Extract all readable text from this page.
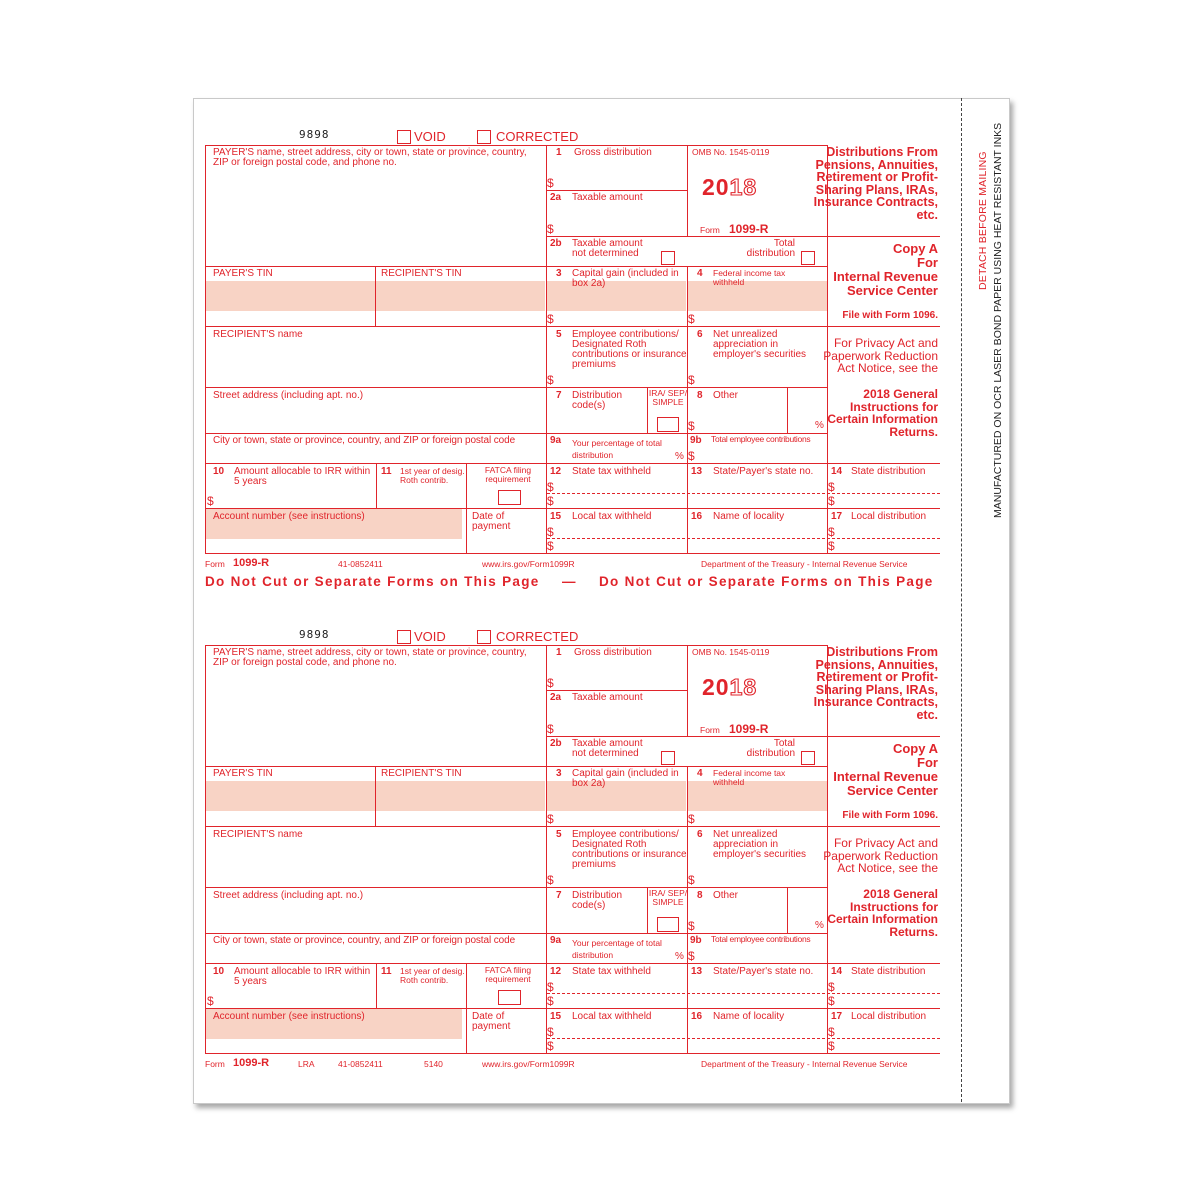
DETACH BEFORE MAILING MANUFACTURED ON OCR LASER BOND PAPER USING HEAT RESISTANT INKS
9898	VOID	CORRECTED
PAYER'S name, street address, city or town, state or province, country, ZIP or foreign postal code, and phone no.
PAYER'S TIN	RECIPIENT'S TIN
RECIPIENT'S name
Street address (including apt. no.)
City or town, state or province, country, and ZIP or foreign postal code
10 Amount allocable to IRR within 5 years
$
11 1st year of desig. Roth contrib.
FATCA filing requirement
Account number (see instructions)	Date of payment
1 Gross distribution
$
2a Taxable amount
$
2b	Taxable amount not determined
Total distribution
3	Capital gain (included in box 2a)
$
4	Federal income tax withheld
$
5	Employee contributions/ Designated Roth contributions or insurance premiums
$
6	Net unrealized appreciation in employer's securities
$
7	Distribution code(s)
IRA/ SEP/ SIMPLE
8	Other
$	%
9a	Your percentage of total distribution	%
9b	Total employee contributions
$
12 State tax withheld
$
$
13 State/Payer's state no. 14 State distribution
$
$
15 Local tax withheld
$
$
16 Name of locality	17 Local distribution
$
$
OMB No. 1545-0119
2018
Form 1099-R
Distributions From Pensions, Annuities, Retirement or Profit-Sharing Plans, IRAs, Insurance Contracts, etc.
Copy A
For
Internal Revenue Service Center
File with Form 1096.
For Privacy Act and Paperwork Reduction Act Notice, see the
2018 General Instructions for Certain Information Returns.
Form 1099-R	41-0852411	www.irs.gov/Form1099R	Department of the Treasury - Internal Revenue Service
9898	VOID	CORRECTED
PAYER'S name, street address, city or town, state or province, country, ZIP or foreign postal code, and phone no.
PAYER'S TIN	RECIPIENT'S TIN
RECIPIENT'S name
Street address (including apt. no.)
City or town, state or province, country, and ZIP or foreign postal code
10 Amount allocable to IRR within 5 years
$
11 1st year of desig. Roth contrib.
FATCA filing requirement
Account number (see instructions)	Date of payment
1 Gross distribution
$
2a Taxable amount
$
2b	Taxable amount not determined
Total distribution
3	Capital gain (included in box 2a)
$
4	Federal income tax withheld
$
5	Employee contributions/ Designated Roth contributions or insurance premiums
$
6	Net unrealized appreciation in employer's securities
$
7	Distribution code(s)
IRA/ SEP/ SIMPLE
8	Other
$	%
9a	Your percentage of total distribution	%
9b	Total employee contributions
$
12 State tax withheld
$
$
13 State/Payer's state no. 14 State distribution
$
$
15 Local tax withheld
$
$
16 Name of locality	17 Local distribution
$
$
OMB No. 1545-0119
2018
Form 1099-R
Distributions From Pensions, Annuities, Retirement or Profit-Sharing Plans, IRAs, Insurance Contracts, etc.
Copy A
For
Internal Revenue Service Center
File with Form 1096.
For Privacy Act and Paperwork Reduction Act Notice, see the
2018 General Instructions for Certain Information Returns.
Form 1099-R	LRA	41-0852411	5140	www.irs.gov/Form1099R	Department of the Treasury - Internal Revenue Service
Do Not Cut or Separate Forms on This Page — Do Not Cut or Separate Forms on This Page
